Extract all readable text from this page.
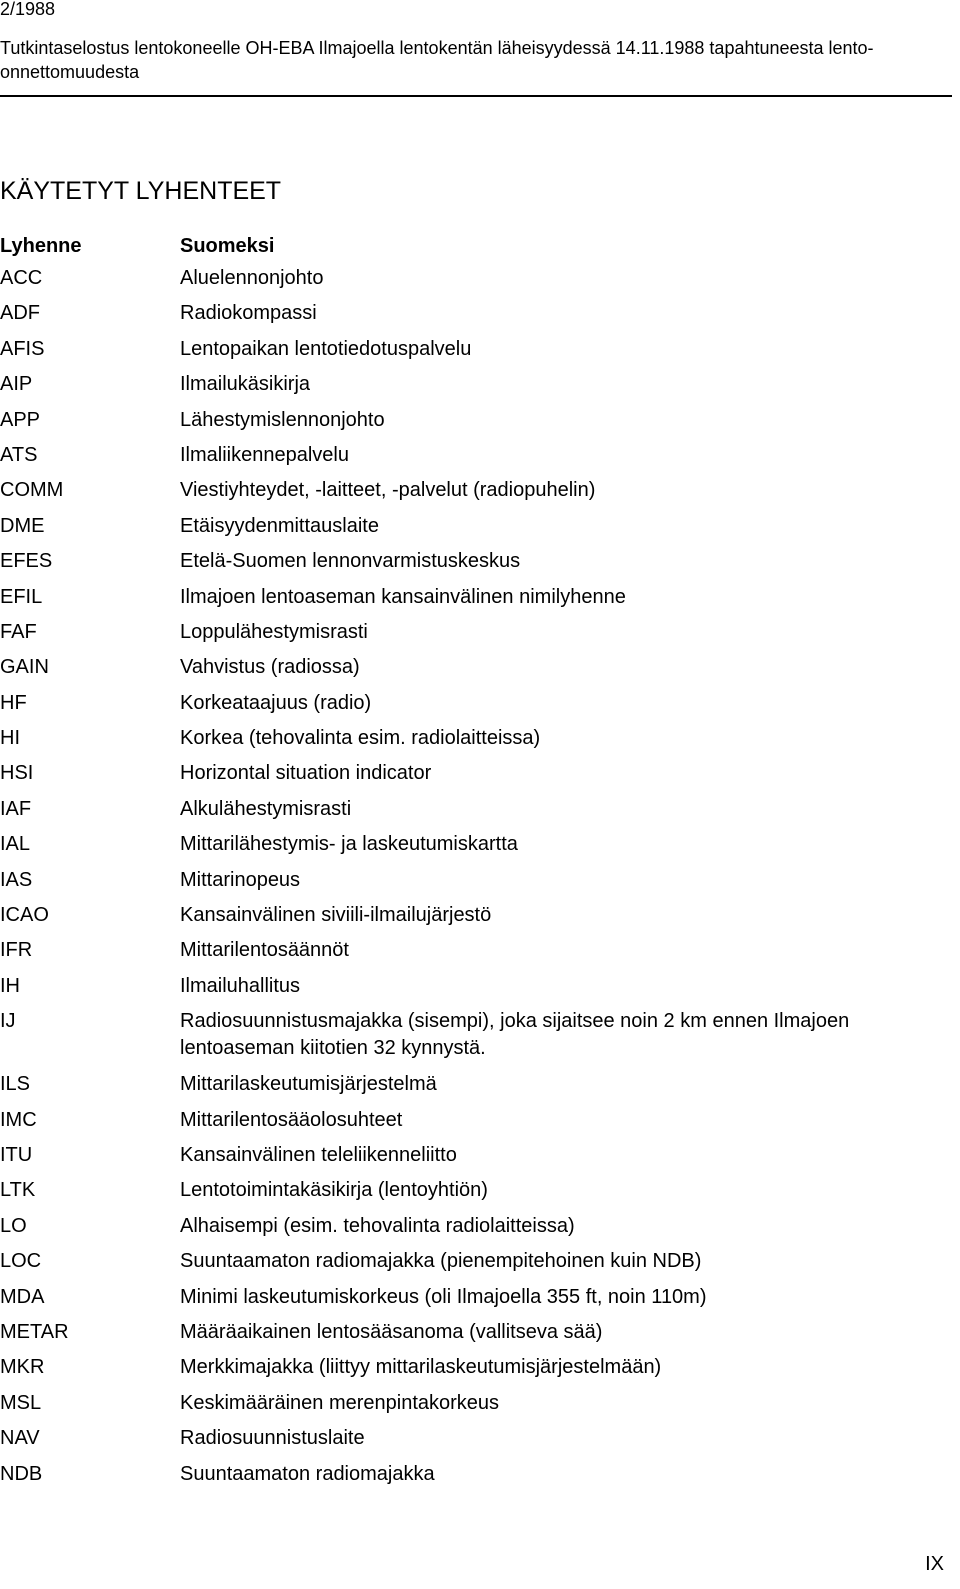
2/1988
Tutkintaselostus lentokoneelle OH-EBA Ilmajoella lentokentän läheisyydessä 14.11.1988 tapahtuneesta lento-onnettomuudesta
KÄYTETYT LYHENTEET
Lyhenne	Suomeksi
ACC	Aluelennonjohto
ADF	Radiokompassi
AFIS	Lentopaikan lentotiedotuspalvelu
AIP	Ilmailukäsikirja
APP	Lähestymislennonjohto
ATS	Ilmaliikennepalvelu
COMM	Viestiyhteydet, -laitteet, -palvelut (radiopuhelin)
DME	Etäisyydenmittauslaite
EFES	Etelä-Suomen lennonvarmistuskeskus
EFIL	Ilmajoen lentoaseman kansainvälinen nimilyhenne
FAF	Loppulähestymisrasti
GAIN	Vahvistus (radiossa)
HF	Korkeataajuus (radio)
HI	Korkea (tehovalinta esim. radiolaitteissa)
HSI	Horizontal situation indicator
IAF	Alkulähestymisrasti
IAL	Mittarilähestymis- ja laskeutumiskartta
IAS	Mittarinopeus
ICAO	Kansainvälinen siviili-ilmailujärjestö
IFR	Mittarilentosäännöt
IH	Ilmailuhallitus
IJ	Radiosuunnistusmajakka (sisempi), joka sijaitsee noin 2 km ennen Ilmajoen lentoaseman kiitotien 32 kynnystä.
ILS	Mittarilaskeutumisjärjestelmä
IMC	Mittarilentosääolosuhteet
ITU	Kansainvälinen teleliikenneliitto
LTK	Lentotoimintakäsikirja (lentoyhtiön)
LO	Alhaisempi (esim. tehovalinta radiolaitteissa)
LOC	Suuntaamaton radiomajakka (pienempitehoinen kuin NDB)
MDA	Minimi laskeutumiskorkeus (oli Ilmajoella 355 ft, noin 110m)
METAR	Määräaikainen lentosääsanoma (vallitseva sää)
MKR	Merkkimajakka (liittyy mittarilaskeutumisjärjestelmään)
MSL	Keskimääräinen merenpintakorkeus
NAV	Radiosuunnistuslaite
NDB	Suuntaamaton radiomajakka
IX
